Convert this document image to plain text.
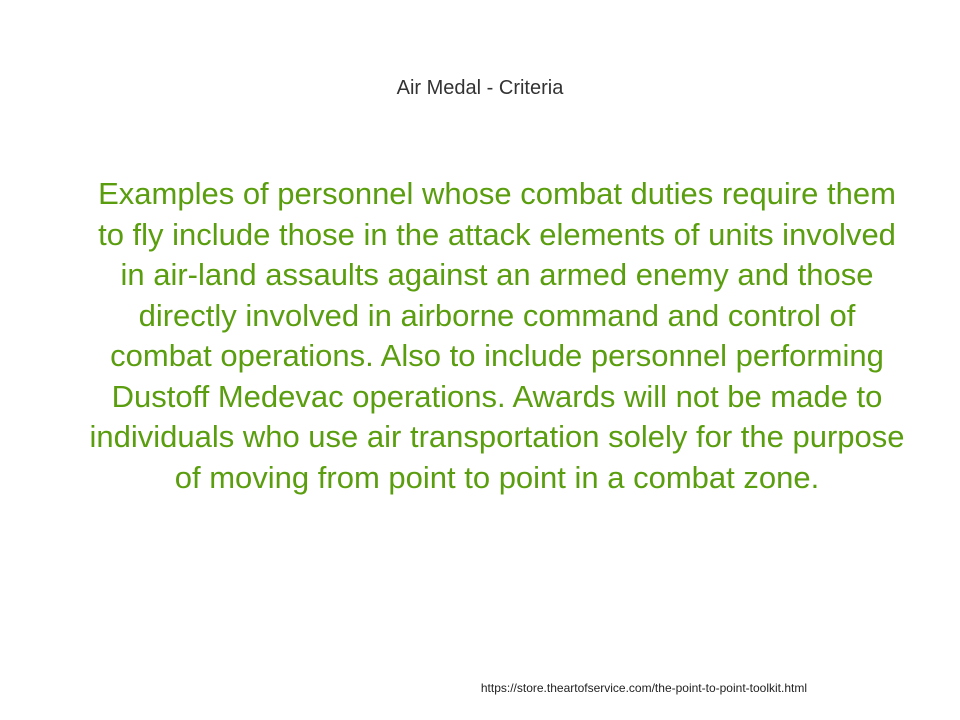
Air Medal - Criteria
Examples of personnel whose combat duties require them to fly include those in the attack elements of units involved in air-land assaults against an armed enemy and those directly involved in airborne command and control of combat operations. Also to include personnel performing Dustoff Medevac operations. Awards will not be made to individuals who use air transportation solely for the purpose of moving from point to point in a combat zone.
https://store.theartofservice.com/the-point-to-point-toolkit.html
